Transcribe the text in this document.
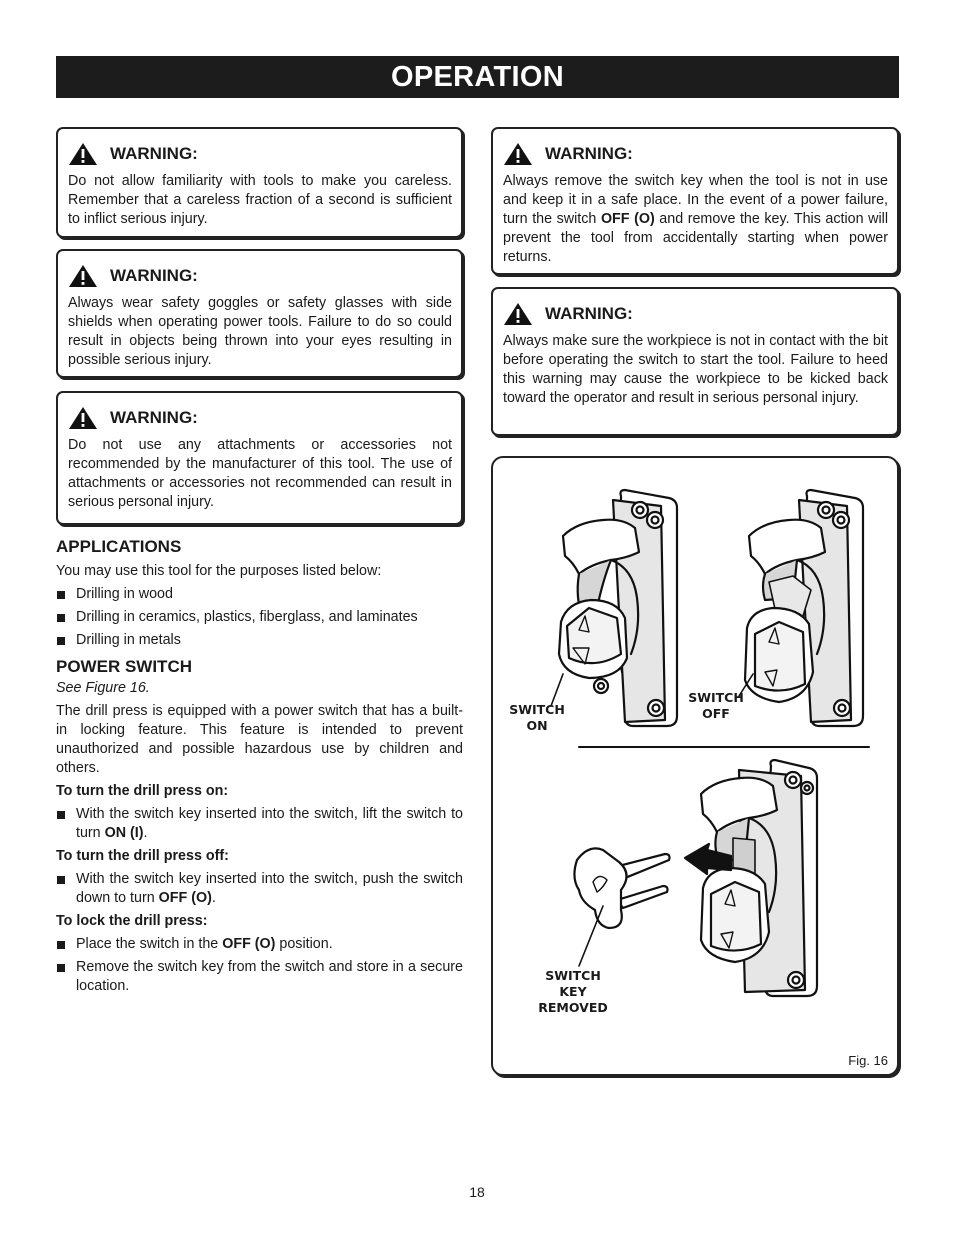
OPERATION
WARNING:
Do not allow familiarity with tools to make you careless. Remember that a careless fraction of a second is sufficient to inflict serious injury.
WARNING:
Always wear safety goggles or safety glasses with side shields when operating power tools. Failure to do so could result in objects being thrown into your eyes resulting in possible serious injury.
WARNING:
Do not use any attachments or accessories not recommended by the manufacturer of this tool. The use of attachments or accessories not recommended can result in serious personal injury.
WARNING:
Always remove the switch key when the tool is not in use and keep it in a safe place. In the event of a power failure, turn the switch OFF (O) and remove the key. This action will prevent the tool from accidentally starting when power returns.
WARNING:
Always make sure the workpiece is not in contact with the bit before operating the switch to start the tool. Failure to heed this warning may cause the workpiece to be kicked back toward the operator and result in serious personal injury.
APPLICATIONS
You may use this tool for the purposes listed below:
Drilling in wood
Drilling in ceramics, plastics, fiberglass, and laminates
Drilling in metals
POWER SWITCH
See Figure 16.
The drill press is equipped with a power switch that has a built-in locking feature. This feature is intended to prevent unauthorized and possible hazardous use by children and others.
To turn the drill press on:
With the switch key inserted into the switch, lift the switch to turn ON (I).
To turn the drill press off:
With the switch key inserted into the switch, push the switch down to turn OFF (O).
To lock the drill press:
Place the switch in the OFF (O) position.
Remove the switch key from the switch and store in a secure location.
SWITCH
ON
SWITCH
OFF
SWITCH
KEY
REMOVED
Fig. 16
18
